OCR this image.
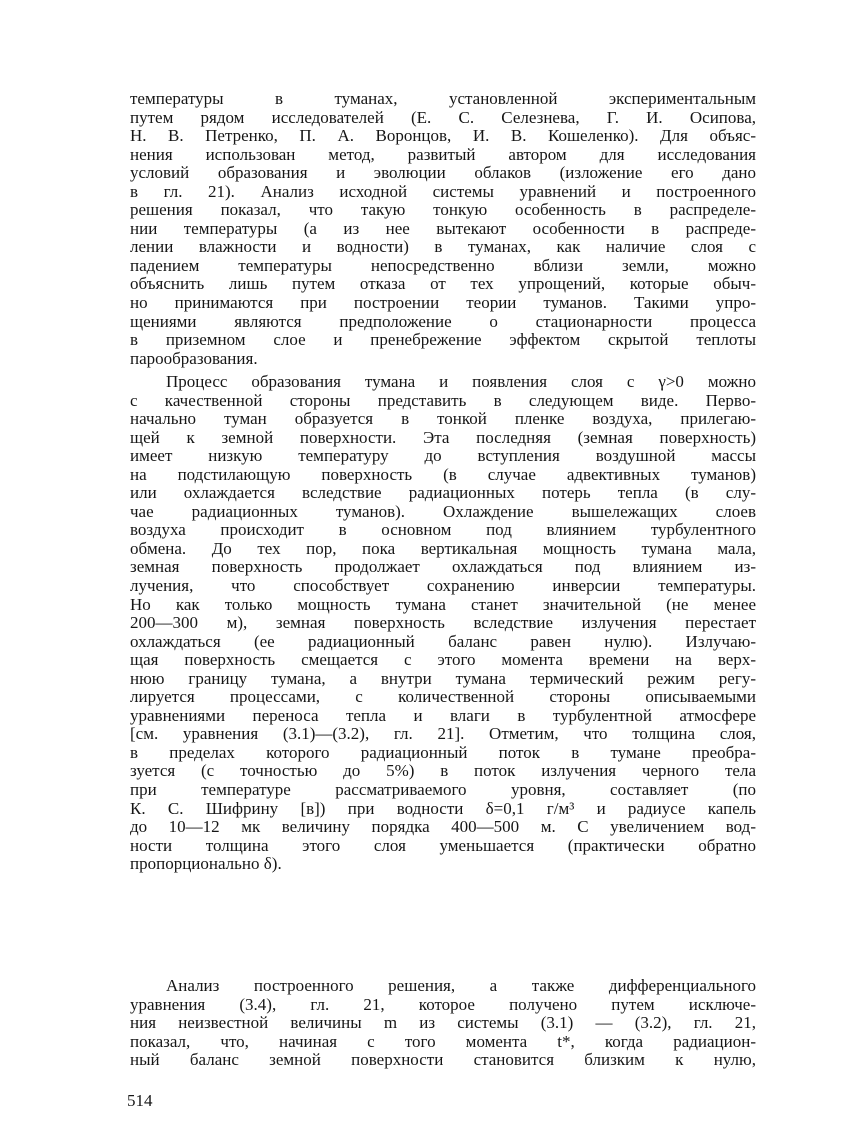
температуры в туманах, установленной экспериментальным
путем рядом исследователей (Е. С. Селезнева, Г. И. Осипова,
Н. В. Петренко, П. А. Воронцов, И. В. Кошеленко). Для объяс-
нения использован метод, развитый автором для исследования
условий образования и эволюции облаков (изложение его дано
в гл. 21). Анализ исходной системы уравнений и построенного
решения показал, что такую тонкую особенность в распределе-
нии температуры (а из нее вытекают особенности в распреде-
лении влажности и водности) в туманах, как наличие слоя с
падением температуры непосредственно вблизи земли, можно
объяснить лишь путем отказа от тех упрощений, которые обыч-
но принимаются при построении теории туманов. Такими упро-
щениями являются предположение о стационарности процесса
в приземном слое и пренебрежение эффектом скрытой теплоты
парообразования.
Процесс образования тумана и появления слоя с γ>0 можно
с качественной стороны представить в следующем виде. Перво-
начально туман образуется в тонкой пленке воздуха, прилегаю-
щей к земной поверхности. Эта последняя (земная поверхность)
имеет низкую температуру до вступления воздушной массы
на подстилающую поверхность (в случае адвективных туманов)
или охлаждается вследствие радиационных потерь тепла (в слу-
чае радиационных туманов). Охлаждение вышележащих слоев
воздуха происходит в основном под влиянием турбулентного
обмена. До тех пор, пока вертикальная мощность тумана мала,
земная поверхность продолжает охлаждаться под влиянием из-
лучения, что способствует сохранению инверсии температуры.
Но как только мощность тумана станет значительной (не менее
200—300 м), земная поверхность вследствие излучения перестает
охлаждаться (ее радиационный баланс равен нулю). Излучаю-
щая поверхность смещается с этого момента времени на верх-
нюю границу тумана, а внутри тумана термический режим регу-
лируется процессами, с количественной стороны описываемыми
уравнениями переноса тепла и влаги в турбулентной атмосфере
[см. уравнения (3.1)—(3.2), гл. 21]. Отметим, что толщина слоя,
в пределах которого радиационный поток в тумане преобра-
зуется (с точностью до 5%) в поток излучения черного тела
при температуре рассматриваемого уровня, составляет (по
К. С. Шифрину [в]) при водности δ=0,1 г/м³ и радиусе капель
до 10—12 мк величину порядка 400—500 м. С увеличением вод-
ности толщина этого слоя уменьшается (практически обратно
пропорционально δ).
Анализ построенного решения, а также дифференциального
уравнения (3.4), гл. 21, которое получено путем исключе-
ния неизвестной величины m из системы (3.1) — (3.2), гл. 21,
показал, что, начиная с того момента t*, когда радиацион-
ный баланс земной поверхности становится близким к нулю,
514
